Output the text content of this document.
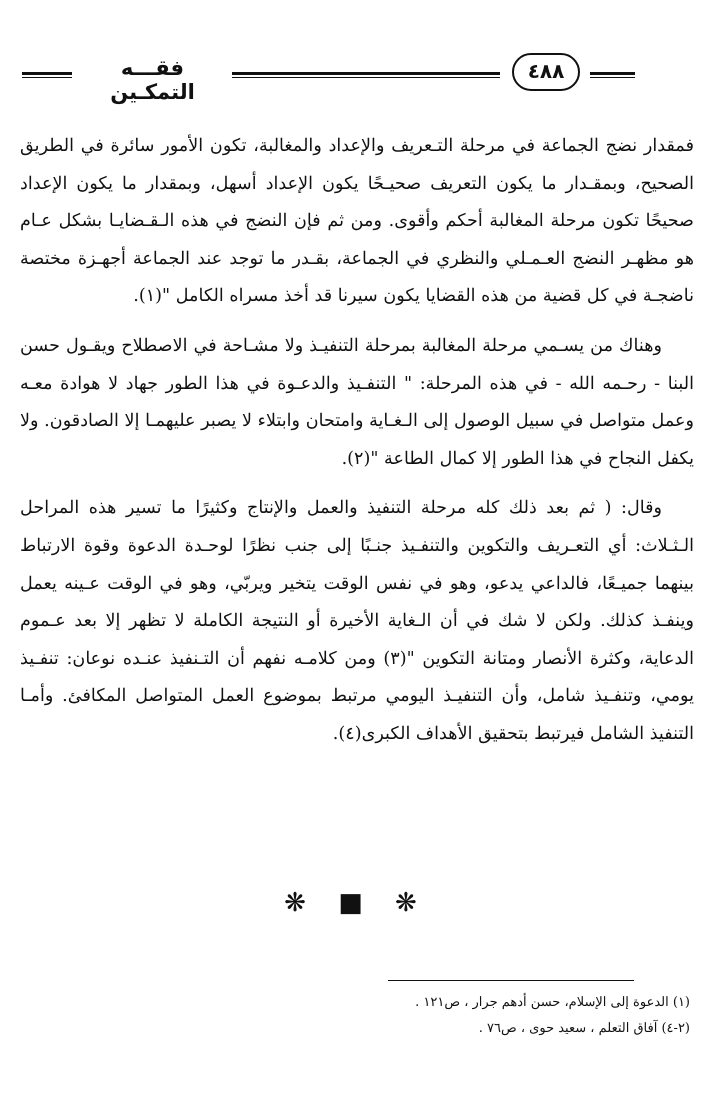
فقـــه التمكـين
٤٨٨

فمقدار نضج الجماعة في مرحلة التـعريف والإعداد والمغالبة، تكون الأمور سائرة في الطريق الصحيح، وبمقـدار ما يكون التعريف صحيـحًا يكون الإعداد أسهل، وبمقدار ما يكون الإعداد صحيحًا تكون مرحلة المغالبة أحكم وأقوى. ومن ثم فإن النضج في هذه الـقـضايـا بشكل عـام هو مظهـر النضج العـمـلي والنظري في الجماعة، بقـدر ما توجد عند الجماعة أجهـزة مختصة ناضجـة في كل قضية من هذه القضايا يكون سيرنا قد أخذ مسراه الكامل "(١).

وهناك من يسـمي مرحلة المغالبة بمرحلة التنفيـذ ولا مشـاحة في الاصطلاح ويقـول حسن البنا - رحـمه الله - في هذه المرحلة: " التنفـيذ والدعـوة في هذا الطور جهاد لا هوادة معـه وعمل متواصل في سبيل الوصول إلى الـغـاية وامتحان وابتلاء لا يصبر عليهمـا إلا الصادقون. ولا يكفل النجاح في هذا الطور إلا كمال الطاعة "(٢).

وقال: ( ثم بعد ذلك كله مرحلة التنفيذ والعمل والإنتاج وكثيرًا ما تسير هذه المراحل الـثـلاث: أي التعـريف والتكوين والتنفـيذ جنـبًا إلى جنب نظرًا لوحـدة الدعوة وقوة الارتباط بينهما جميـعًا، فالداعي يدعو، وهو في نفس الوقت يتخير ويربّي، وهو في الوقت عـينه يعمل وينفـذ كذلك. ولكن لا شك في أن الـغاية الأخيرة أو النتيجة الكاملة لا تظهر إلا بعد عـموم الدعاية، وكثرة الأنصار ومتانة التكوين "(٣) ومن كلامـه نفهم أن التـنفيذ عنـده نوعان: تنفـيذ يومي، وتنفـيذ شامل، وأن التنفيـذ اليومي مرتبط بموضوع العمل المتواصل المكافئ. وأمـا التنفيذ الشامل فيرتبط بتحقيق الأهداف الكبرى(٤).

❋ ■ ❋

(١) الدعوة إلى الإسلام، حسن أدهم جرار ، ص١٢١ .

(٢-٤) آفاق التعلم ، سعيد حوى ، ص٧٦ .
